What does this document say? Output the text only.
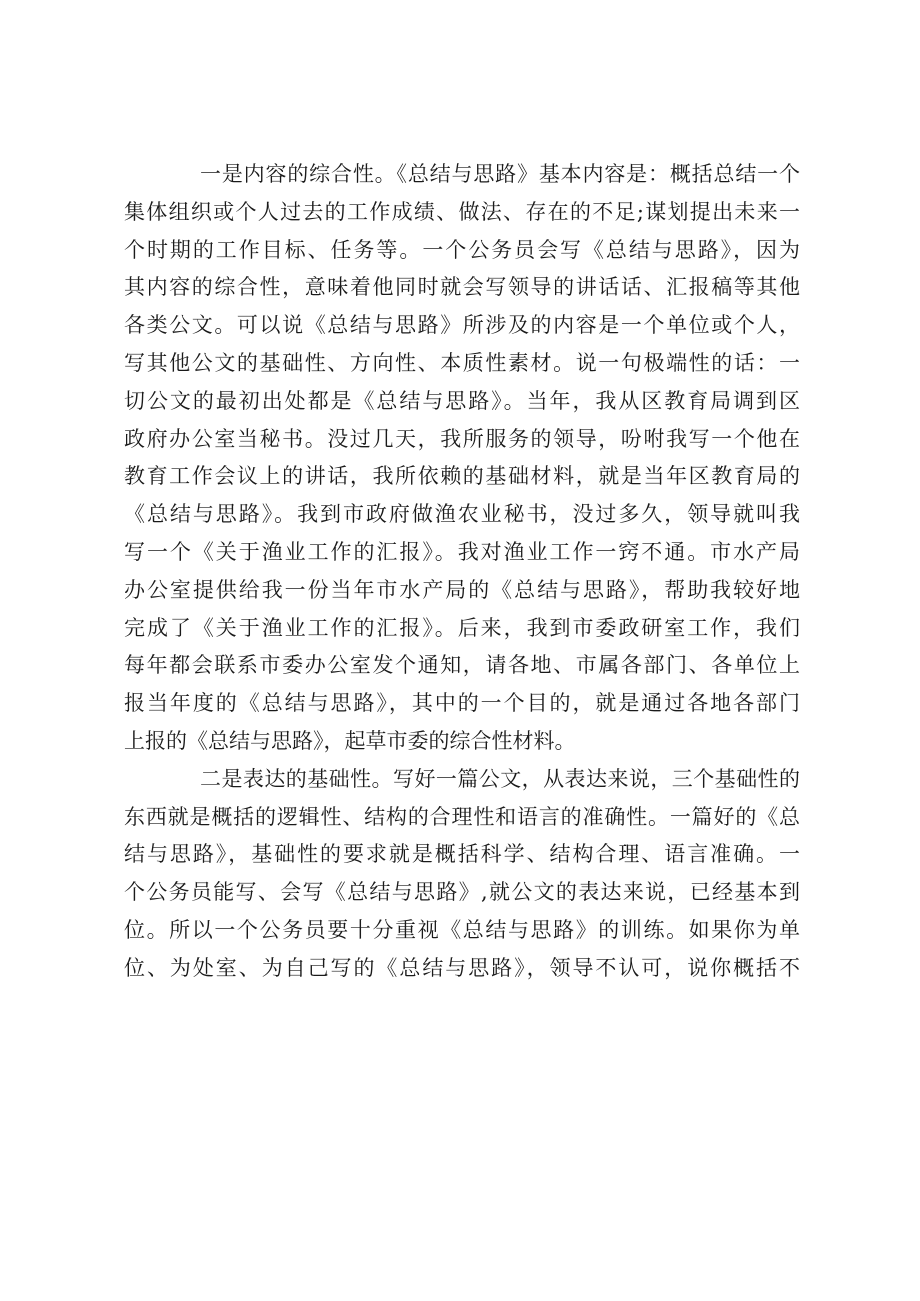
一是内容的综合性。《总结与思路》基本内容是：概括总结一个
集体组织或个人过去的工作成绩、做法、存在的不足;谋划提出未来一
个时期的工作目标、任务等。一个公务员会写《总结与思路》，因为
其内容的综合性，意味着他同时就会写领导的讲话话、汇报稿等其他
各类公文。可以说《总结与思路》所涉及的内容是一个单位或个人，
写其他公文的基础性、方向性、本质性素材。说一句极端性的话：一
切公文的最初出处都是《总结与思路》。当年，我从区教育局调到区
政府办公室当秘书。没过几天，我所服务的领导，吩咐我写一个他在
教育工作会议上的讲话，我所依赖的基础材料，就是当年区教育局的
《总结与思路》。我到市政府做渔农业秘书，没过多久，领导就叫我
写一个《关于渔业工作的汇报》。我对渔业工作一窍不通。市水产局
办公室提供给我一份当年市水产局的《总结与思路》，帮助我较好地
完成了《关于渔业工作的汇报》。后来，我到市委政研室工作，我们
每年都会联系市委办公室发个通知，请各地、市属各部门、各单位上
报当年度的《总结与思路》，其中的一个目的，就是通过各地各部门
上报的《总结与思路》，起草市委的综合性材料。
二是表达的基础性。写好一篇公文，从表达来说，三个基础性的
东西就是概括的逻辑性、结构的合理性和语言的准确性。一篇好的《总
结与思路》，基础性的要求就是概括科学、结构合理、语言准确。一
个公务员能写、会写《总结与思路》,就公文的表达来说，已经基本到
位。所以一个公务员要十分重视《总结与思路》的训练。如果你为单
位、为处室、为自己写的《总结与思路》，领导不认可，说你概括不
